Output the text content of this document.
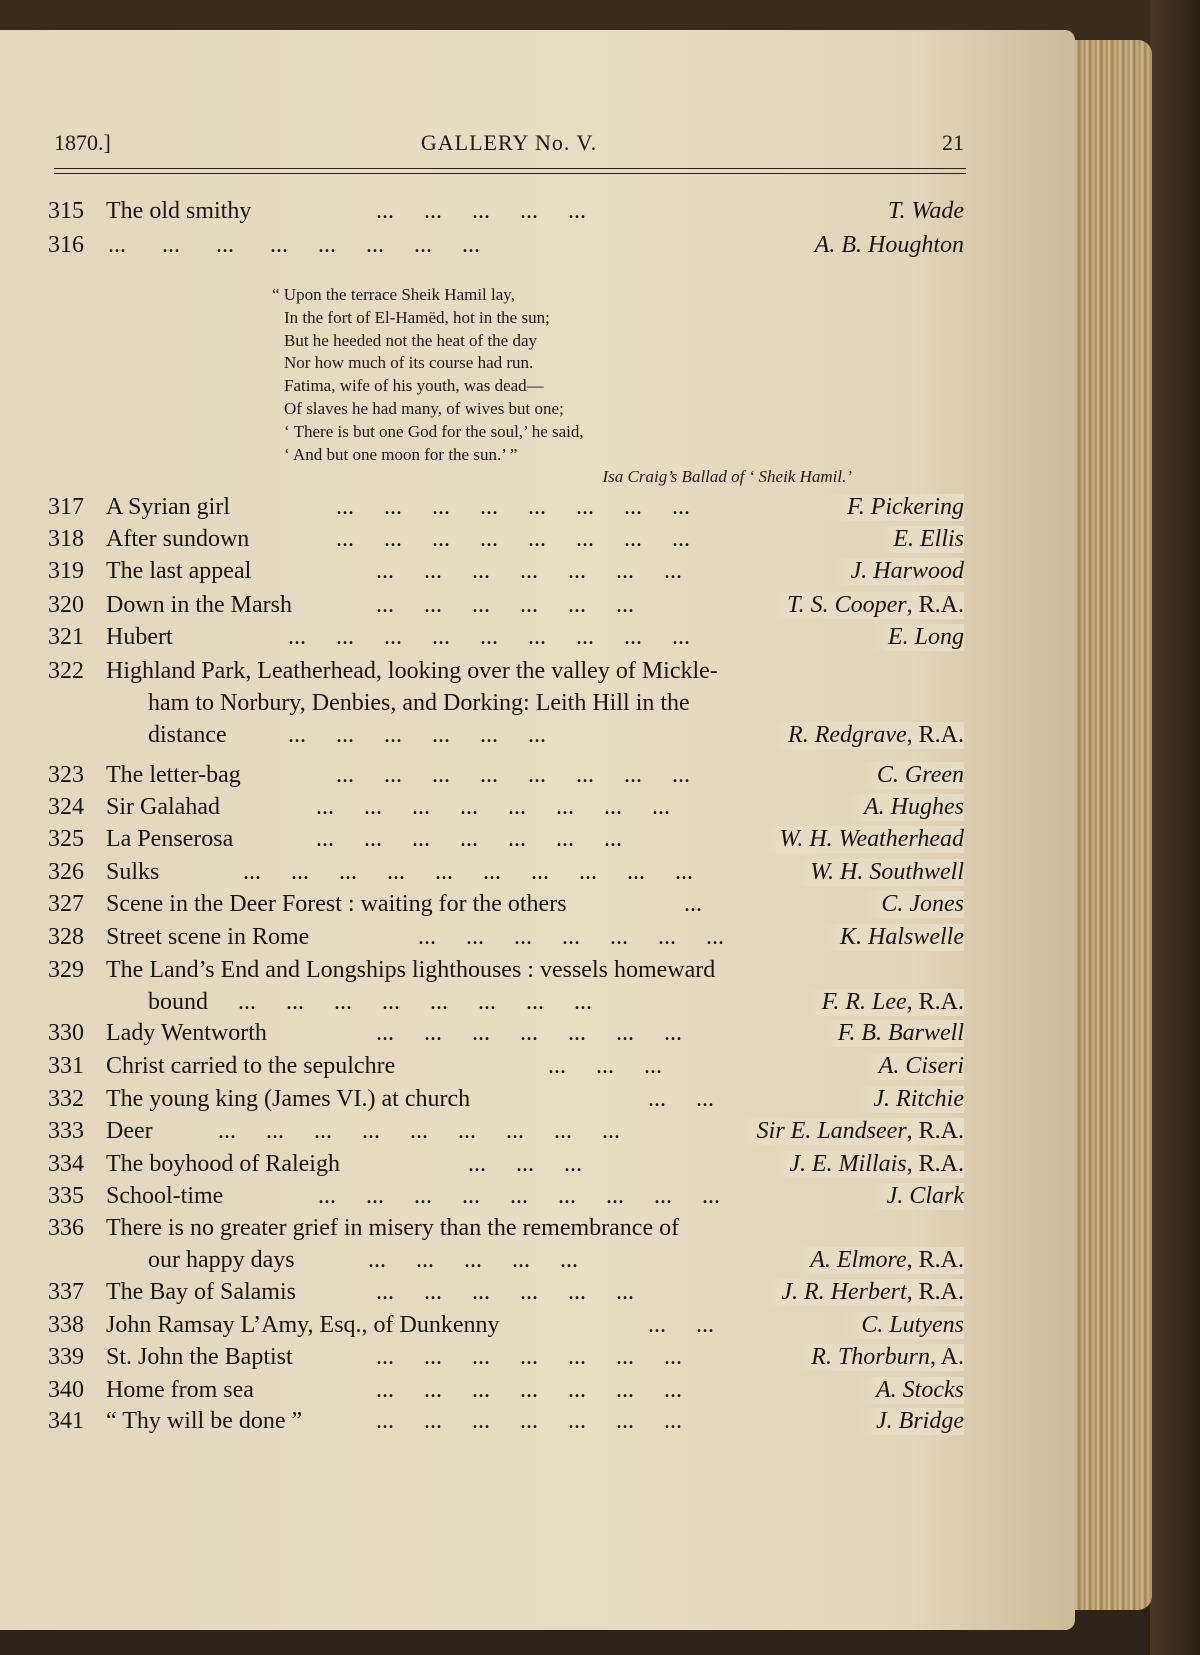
GALLERY No. V.
1870.]	21
315 The old smithy	...     ...     ...     ...     ...	T. Wade
316	...      ...      ...      ...     ...     ...     ...     ...	A. B. Houghton
“ Upon the terrace Sheik Hamil lay,
In the fort of El-Hamëd, hot in the sun;
But he heeded not the heat of the day
Nor how much of its course had run.
Fatima, wife of his youth, was dead—
Of slaves he had many, of wives but one;
‘ There is but one God for the soul,’ he said,
‘ And but one moon for the sun.’ ”
Isa Craig’s Ballad of ‘ Sheik Hamil.’
317 A Syrian girl	...     ...     ...     ...     ...     ...     ...     ...	F. Pickering
318 After sundown	...     ...     ...     ...     ...     ...     ...     ...	E. Ellis
319 The last appeal	...     ...     ...     ...     ...     ...     ...	J. Harwood
320 Down in the Marsh	...     ...     ...     ...     ...     ...	T. S. Cooper, R.A.
321 Hubert	...     ...     ...     ...     ...     ...     ...     ...     ...	E. Long
322 Highland Park, Leatherhead, looking over the valley of Mickle-
ham to Norbury, Denbies, and Dorking: Leith Hill in the
distance	...     ...     ...     ...     ...     ...	R. Redgrave, R.A.
323 The letter-bag	...     ...     ...     ...     ...     ...     ...     ...	C. Green
324 Sir Galahad	...     ...     ...     ...     ...     ...     ...     ...	A. Hughes
325 La Penserosa	...     ...     ...     ...     ...     ...     ...	W. H. Weatherhead
326 Sulks	...     ...     ...     ...     ...     ...     ...     ...     ...     ...	W. H. Southwell
327 Scene in the Deer Forest : waiting for the others	...	C. Jones
328 Street scene in Rome	...     ...     ...     ...     ...     ...     ...	K. Halswelle
329 The Land’s End and Longships lighthouses : vessels homeward
bound ...     ...     ...     ...     ...     ...     ...     ...	F. R. Lee, R.A.
330 Lady Wentworth	...     ...     ...     ...     ...     ...     ...	F. B. Barwell
331 Christ carried to the sepulchre	...     ...     ...	A. Ciseri
332 The young king (James VI.) at church	...     ...	J. Ritchie
333 Deer	...     ...     ...     ...     ...     ...     ...     ...     ...	Sir E. Landseer, R.A.
334 The boyhood of Raleigh	...     ...     ...	J. E. Millais, R.A.
335 School-time	...     ...     ...     ...     ...     ...     ...     ...     ...	J. Clark
336 There is no greater grief in misery than the remembrance of
our happy days	...     ...     ...     ...     ...	A. Elmore, R.A.
337 The Bay of Salamis	...     ...     ...     ...     ...     ...	J. R. Herbert, R.A.
338 John Ramsay L’Amy, Esq., of Dunkenny	...     ...	C. Lutyens
339 St. John the Baptist	...     ...     ...     ...     ...     ...     ...	R. Thorburn, A.
340 Home from sea	...     ...     ...     ...     ...     ...     ...	A. Stocks
341 “ Thy will be done ”	...     ...     ...     ...     ...     ...     ...	J. Bridge
